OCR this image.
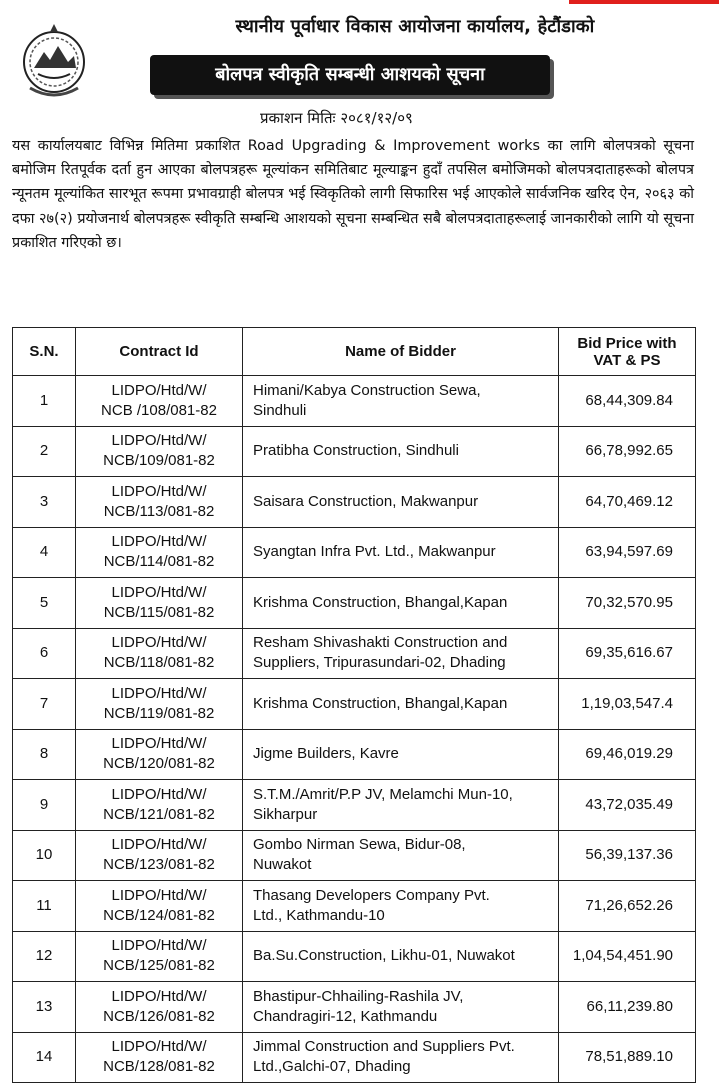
स्थानीय पूर्वाधार विकास आयोजना कार्यालय, हेटौंडाको
बोलपत्र स्वीकृति सम्बन्धी आशयको सूचना
प्रकाशन मितिः २०८१/१२/०९
यस कार्यालयबाट विभिन्न मितिमा प्रकाशित Road Upgrading & Improvement works का लागि बोलपत्रको सूचना बमोजिम रितपूर्वक दर्ता हुन आएका बोलपत्रहरू मूल्यांकन समितिबाट मूल्याङ्कन हुदाँ तपसिल बमोजिमको बोलपत्रदाताहरूको बोलपत्र न्यूनतम मूल्यांकित सारभूत रूपमा प्रभावग्राही बोलपत्र भई स्विकृतिको लागी सिफारिस भई आएकोले सार्वजनिक खरिद ऐन, २०६३ को दफा २७(२) प्रयोजनार्थ बोलपत्रहरू स्वीकृति सम्बन्धि आशयको सूचना सम्बन्धित सबै बोलपत्रदाताहरूलाई जानकारीको लागि यो सूचना प्रकाशित गरिएको छ।
S.N.	Contract Id	Name of Bidder	Bid Price with
VAT & PS
1	LIDPO/Htd/W/
NCB /108/081-82	Himani/Kabya Construction Sewa,
Sindhuli	68,44,309.84
2	LIDPO/Htd/W/
NCB/109/081-82	Pratibha Construction, Sindhuli	66,78,992.65
3	LIDPO/Htd/W/
NCB/113/081-82	Saisara Construction, Makwanpur	64,70,469.12
4	LIDPO/Htd/W/
NCB/114/081-82	Syangtan Infra Pvt. Ltd., Makwanpur	63,94,597.69
5	LIDPO/Htd/W/
NCB/115/081-82	Krishma Construction, Bhangal,Kapan	70,32,570.95
6	LIDPO/Htd/W/
NCB/118/081-82	Resham Shivashakti Construction and
Suppliers, Tripurasundari-02, Dhading	69,35,616.67
7	LIDPO/Htd/W/
NCB/119/081-82	Krishma Construction, Bhangal,Kapan	1,19,03,547.4
8	LIDPO/Htd/W/
NCB/120/081-82	Jigme Builders, Kavre	69,46,019.29
9	LIDPO/Htd/W/
NCB/121/081-82	S.T.M./Amrit/P.P JV, Melamchi Mun-10,
Sikharpur	43,72,035.49
10	LIDPO/Htd/W/
NCB/123/081-82	Gombo Nirman Sewa, Bidur-08,
Nuwakot	56,39,137.36
11	LIDPO/Htd/W/
NCB/124/081-82	Thasang Developers Company Pvt.
Ltd., Kathmandu-10	71,26,652.26
12	LIDPO/Htd/W/
NCB/125/081-82	Ba.Su.Construction, Likhu-01, Nuwakot	1,04,54,451.90
13	LIDPO/Htd/W/
NCB/126/081-82	Bhastipur-Chhailing-Rashila JV,
Chandragiri-12, Kathmandu	66,11,239.80
14	LIDPO/Htd/W/
NCB/128/081-82	Jimmal Construction and Suppliers Pvt.
Ltd.,Galchi-07, Dhading	78,51,889.10
